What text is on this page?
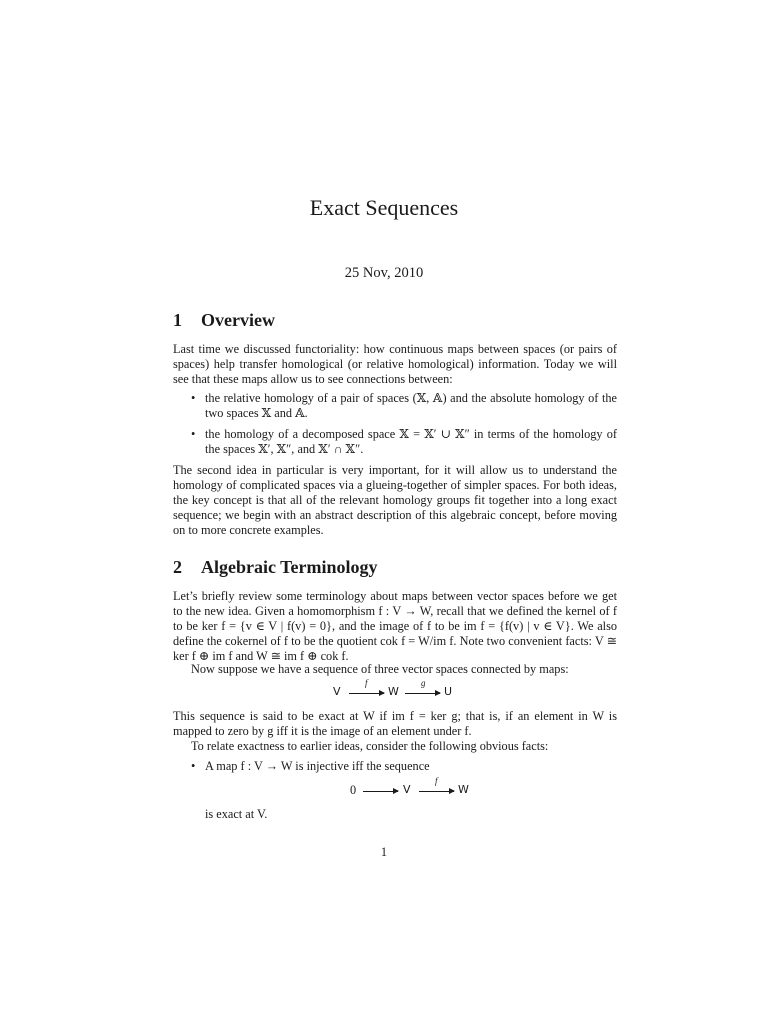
Exact Sequences
25 Nov, 2010
1 Overview
Last time we discussed functoriality: how continuous maps between spaces (or pairs of spaces) help transfer homological (or relative homological) information. Today we will see that these maps allow us to see connections between:
• the relative homology of a pair of spaces (𝕏, 𝔸) and the absolute homology of the two spaces 𝕏 and 𝔸.
• the homology of a decomposed space 𝕏 = 𝕏′ ∪ 𝕏″ in terms of the homology of the spaces 𝕏′, 𝕏″, and 𝕏′ ∩ 𝕏″.
The second idea in particular is very important, for it will allow us to understand the homology of complicated spaces via a glueing-together of simpler spaces. For both ideas, the key concept is that all of the relevant homology groups fit together into a long exact sequence; we begin with an abstract description of this algebraic concept, before moving on to more concrete examples.
2 Algebraic Terminology
Let’s briefly review some terminology about maps between vector spaces before we get to the new idea. Given a homomorphism f : V → W, recall that we defined the kernel of f to be ker f = {v ∈ V | f(v) = 0}, and the image of f to be im f = {f(v) | v ∈ V}. We also define the cokernel of f to be the quotient cok f = W/im f. Note two convenient facts: V ≅ ker f ⊕ im f and W ≅ im f ⊕ cok f.
Now suppose we have a sequence of three vector spaces connected by maps:
V
f
W
g
U
This sequence is said to be exact at W if im f = ker g; that is, if an element in W is mapped to zero by g iff it is the image of an element under f.
To relate exactness to earlier ideas, consider the following obvious facts:
• A map f : V → W is injective iff the sequence
0	V
f
W
is exact at V.
1
